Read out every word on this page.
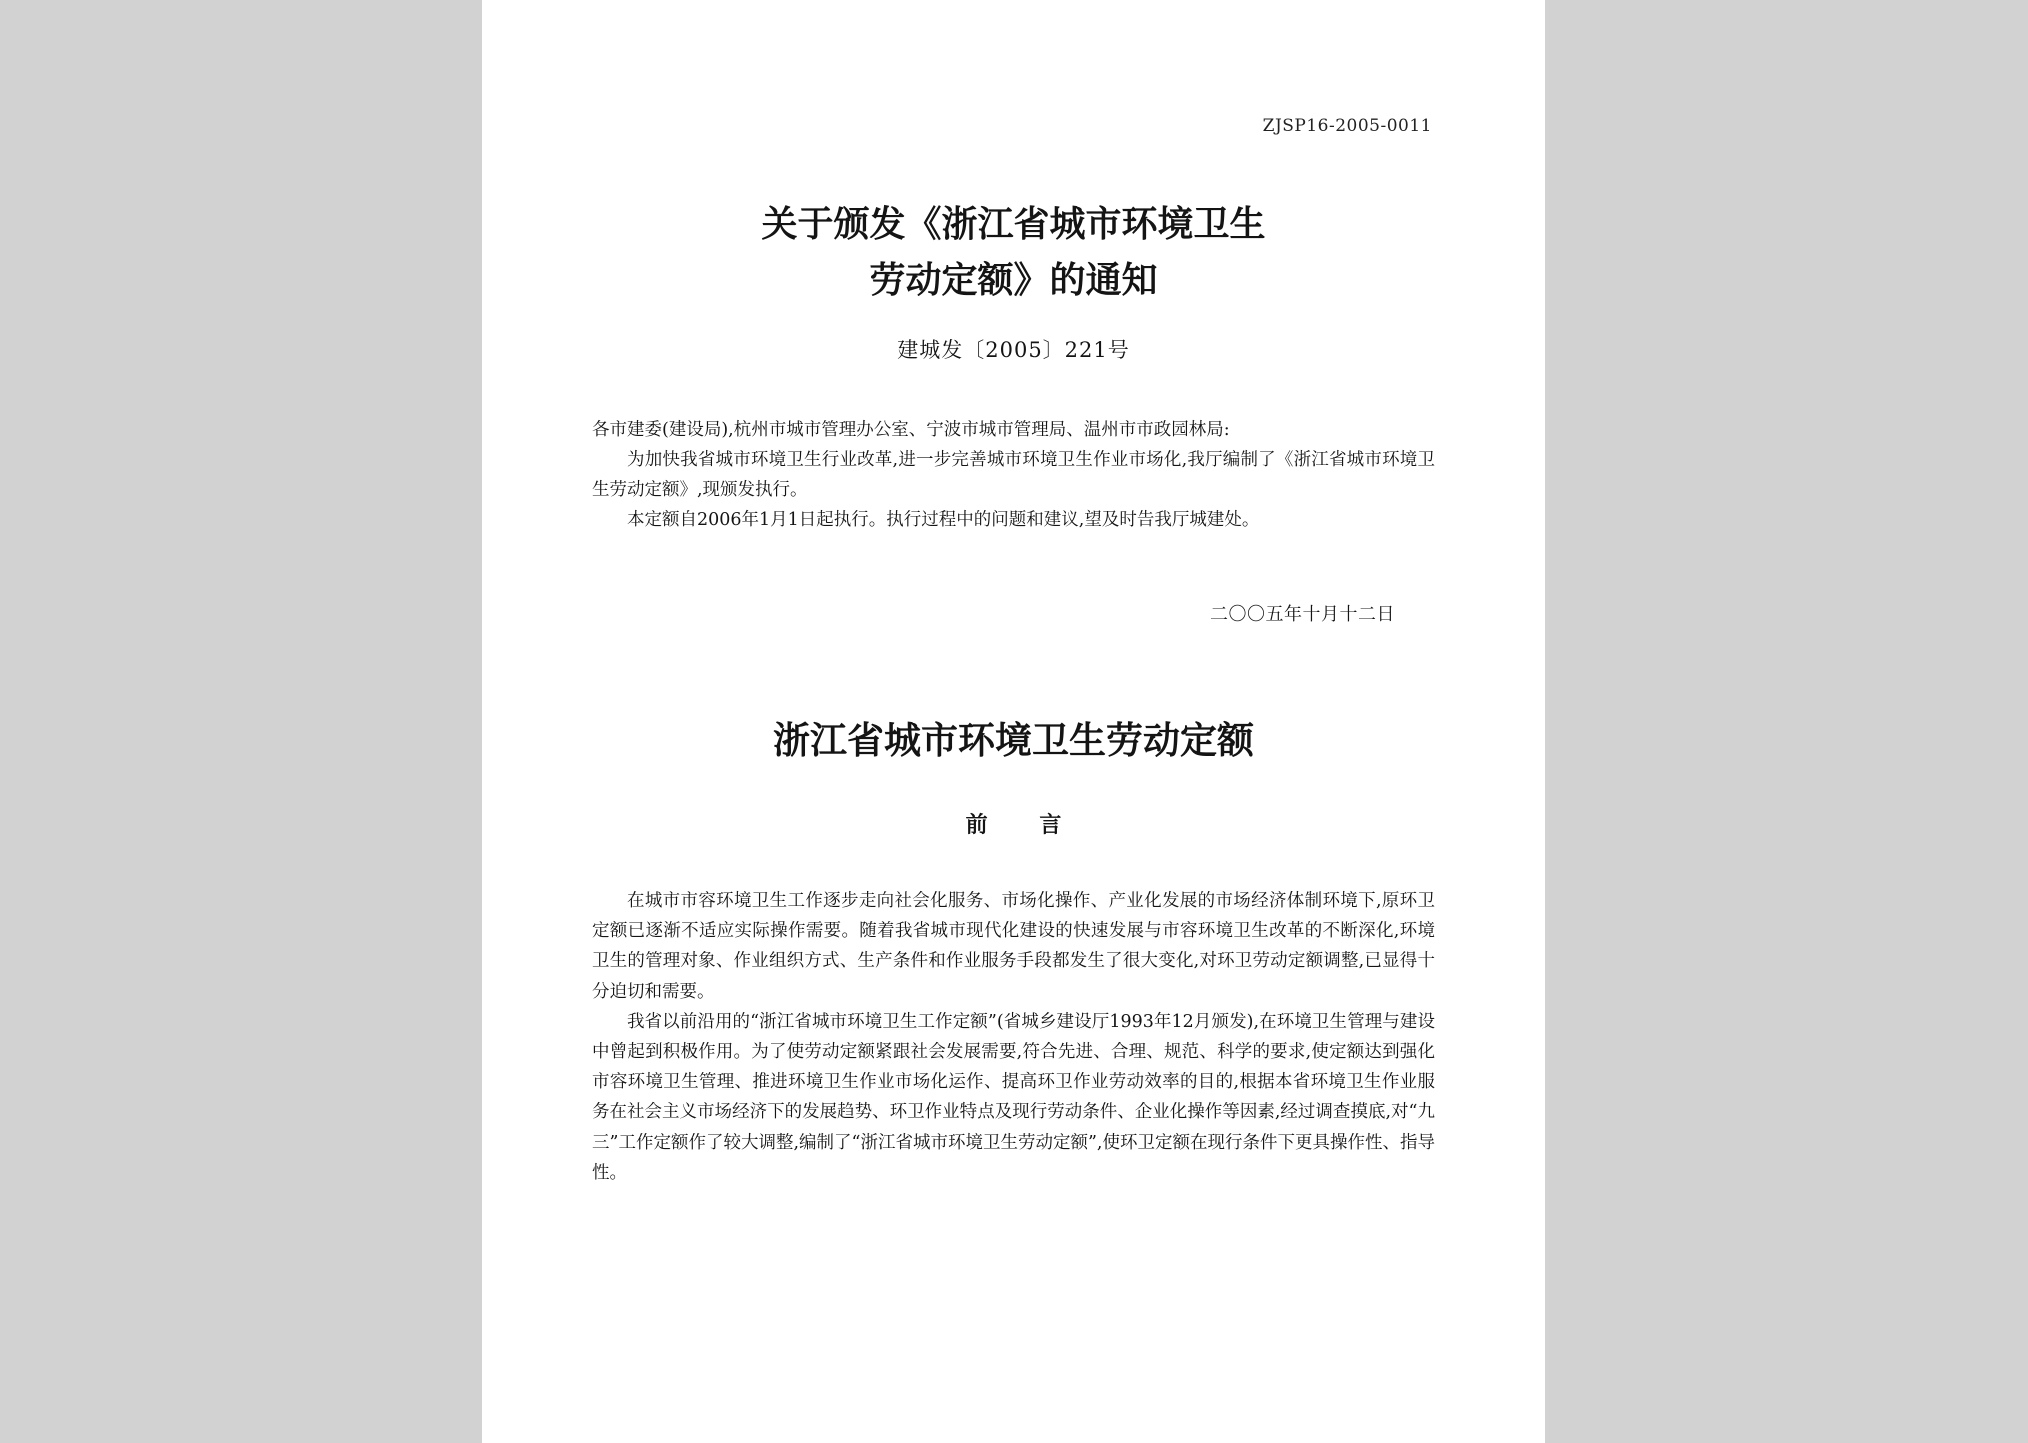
ZJSP16-2005-0011
关于颁发《浙江省城市环境卫生
劳动定额》的通知
建城发〔2005〕221号

各市建委(建设局),杭州市城市管理办公室、宁波市城市管理局、温州市市政园林局:

为加快我省城市环境卫生行业改革,进一步完善城市环境卫生作业市场化,我厅编制了《浙江省城市环境卫生劳动定额》,现颁发执行。

本定额自2006年1月1日起执行。执行过程中的问题和建议,望及时告我厅城建处。

二〇〇五年十月十二日
浙江省城市环境卫生劳动定额
前 言

在城市市容环境卫生工作逐步走向社会化服务、市场化操作、产业化发展的市场经济体制环境下,原环卫定额已逐渐不适应实际操作需要。随着我省城市现代化建设的快速发展与市容环境卫生改革的不断深化,环境卫生的管理对象、作业组织方式、生产条件和作业服务手段都发生了很大变化,对环卫劳动定额调整,已显得十分迫切和需要。

我省以前沿用的“浙江省城市环境卫生工作定额”(省城乡建设厅1993年12月颁发),在环境卫生管理与建设中曾起到积极作用。为了使劳动定额紧跟社会发展需要,符合先进、合理、规范、科学的要求,使定额达到强化市容环境卫生管理、推进环境卫生作业市场化运作、提高环卫作业劳动效率的目的,根据本省环境卫生作业服务在社会主义市场经济下的发展趋势、环卫作业特点及现行劳动条件、企业化操作等因素,经过调查摸底,对“九三”工作定额作了较大调整,编制了“浙江省城市环境卫生劳动定额”,使环卫定额在现行条件下更具操作性、指导性。
